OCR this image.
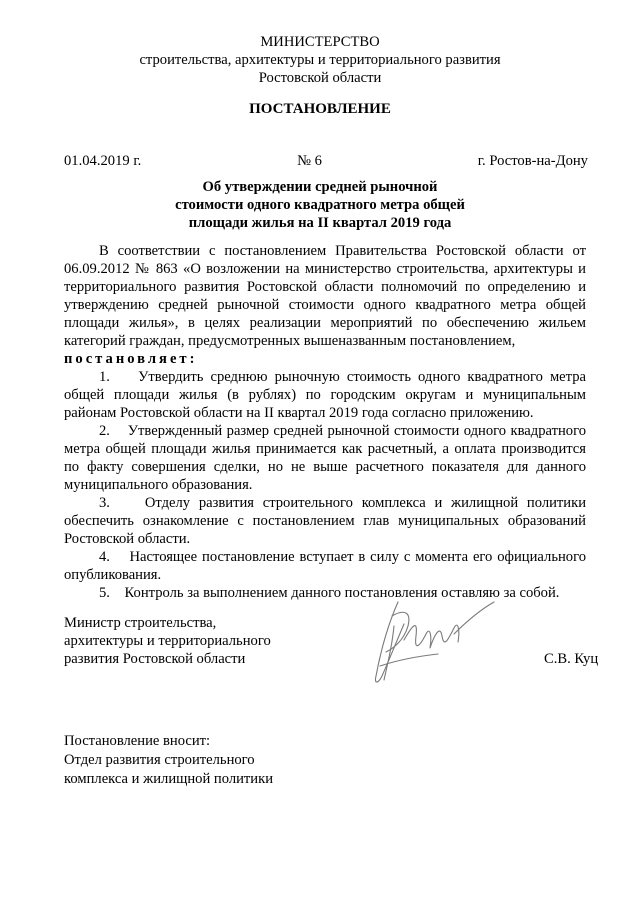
МИНИСТЕРСТВО
строительства, архитектуры и территориального развития
Ростовской области
ПОСТАНОВЛЕНИЕ
01.04.2019 г.	№ 6	г. Ростов-на-Дону
Об утверждении средней рыночной
стоимости одного квадратного метра общей
площади жилья на II квартал 2019 года

В соответствии с постановлением Правительства Ростовской области от 06.09.2012 № 863 «О возложении на министерство строительства, архитектуры и территориального развития Ростовской области полномочий по определению и утверждению средней рыночной стоимости одного квадратного метра общей площади жилья», в целях реализации мероприятий по обеспечению жильем категорий граждан, предусмотренных вышеназванным постановлением,

постановляет:

1.    Утвердить среднюю рыночную стоимость одного квадратного метра общей площади жилья (в рублях) по городским округам и муниципальным районам Ростовской области на II квартал 2019 года согласно приложению.

2.    Утвержденный размер средней рыночной стоимости одного квадратного метра общей площади жилья принимается как расчетный, а оплата производится по факту совершения сделки, но не выше расчетного показателя для данного муниципального образования.

3.    Отделу развития строительного комплекса и жилищной политики обеспечить ознакомление с постановлением глав муниципальных образований Ростовской области.

4.    Настоящее постановление вступает в силу с момента его официального опубликования.

5.    Контроль за выполнением данного постановления оставляю за собой.

Министр строительства,
архитектуры и территориального
развития Ростовской области	С.В. Куц
Постановление вносит:
Отдел развития строительного
комплекса и жилищной политики
